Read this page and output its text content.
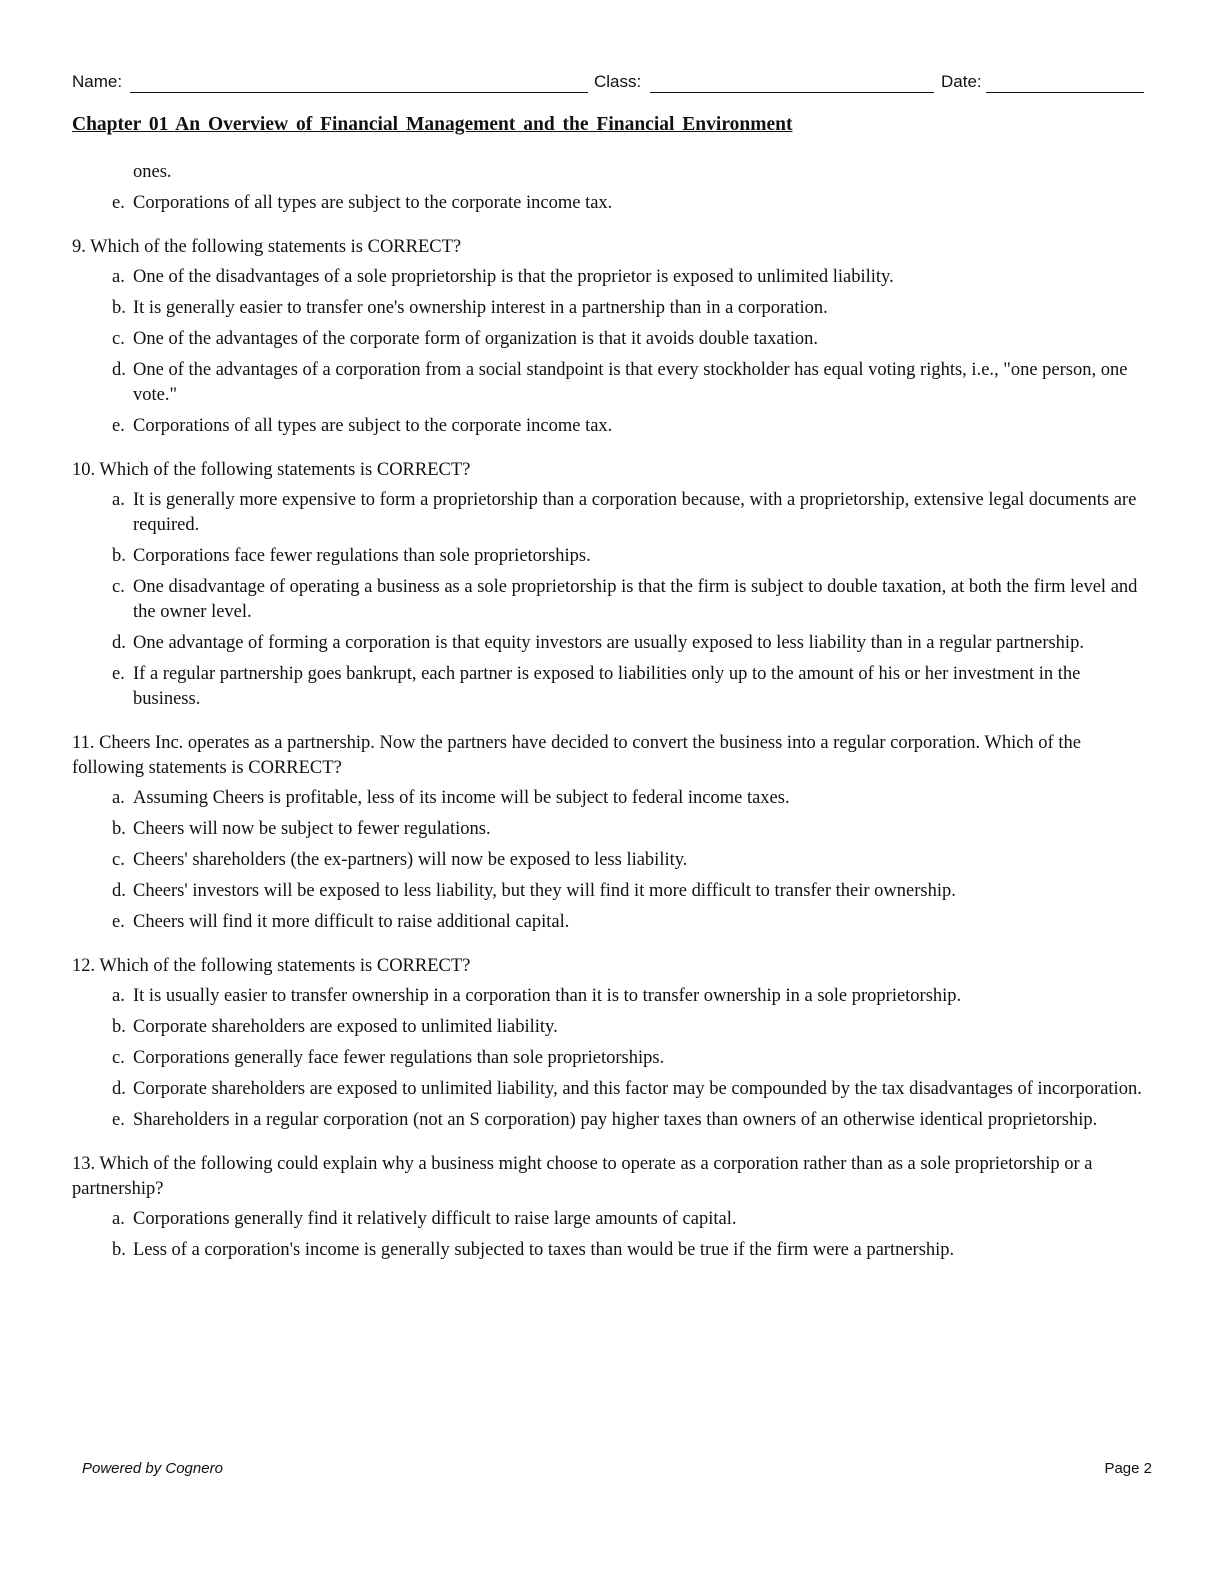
Name:	Class:	Date:
Chapter 01 An Overview of Financial Management and the Financial Environment
ones.
e. Corporations of all types are subject to the corporate income tax.
9. Which of the following statements is CORRECT?
a. One of the disadvantages of a sole proprietorship is that the proprietor is exposed to unlimited liability.
b. It is generally easier to transfer one's ownership interest in a partnership than in a corporation.
c. One of the advantages of the corporate form of organization is that it avoids double taxation.
d. One of the advantages of a corporation from a social standpoint is that every stockholder has equal voting rights, i.e., "one person, one vote."
e. Corporations of all types are subject to the corporate income tax.
10. Which of the following statements is CORRECT?
a. It is generally more expensive to form a proprietorship than a corporation because, with a proprietorship, extensive legal documents are required.
b. Corporations face fewer regulations than sole proprietorships.
c. One disadvantage of operating a business as a sole proprietorship is that the firm is subject to double taxation, at both the firm level and the owner level.
d. One advantage of forming a corporation is that equity investors are usually exposed to less liability than in a regular partnership.
e. If a regular partnership goes bankrupt, each partner is exposed to liabilities only up to the amount of his or her investment in the business.
11. Cheers Inc. operates as a partnership. Now the partners have decided to convert the business into a regular corporation. Which of the following statements is CORRECT?
a. Assuming Cheers is profitable, less of its income will be subject to federal income taxes.
b. Cheers will now be subject to fewer regulations.
c. Cheers' shareholders (the ex-partners) will now be exposed to less liability.
d. Cheers' investors will be exposed to less liability, but they will find it more difficult to transfer their ownership.
e. Cheers will find it more difficult to raise additional capital.
12. Which of the following statements is CORRECT?
a. It is usually easier to transfer ownership in a corporation than it is to transfer ownership in a sole proprietorship.
b. Corporate shareholders are exposed to unlimited liability.
c. Corporations generally face fewer regulations than sole proprietorships.
d. Corporate shareholders are exposed to unlimited liability, and this factor may be compounded by the tax disadvantages of incorporation.
e. Shareholders in a regular corporation (not an S corporation) pay higher taxes than owners of an otherwise identical proprietorship.
13. Which of the following could explain why a business might choose to operate as a corporation rather than as a sole proprietorship or a partnership?
a. Corporations generally find it relatively difficult to raise large amounts of capital.
b. Less of a corporation's income is generally subjected to taxes than would be true if the firm were a partnership.
Powered by Cognero	Page 2
